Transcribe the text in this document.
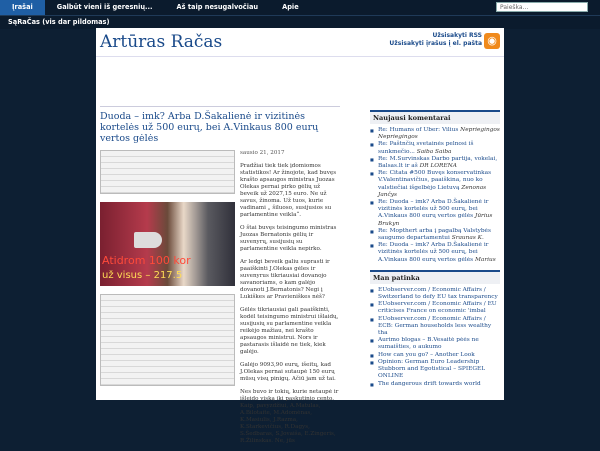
Įrašai	Galbūt vieni iš geresnių...	Aš taip nesugalvočiau	Apie	Paieška...
SąRaČas (vis dar pildomas)
Artūras Račas	Užsisakyti RSS
Užsisakyti įrašus į el. pašta ◉
Duoda – imk? Arba D.Šakalienė ir vizitinės kortelės už 500 eurų, bei A.Vinkaus 800 eurų vertos gėlės
Atidrom 100 kor
už visus – 217.5
sausio 21, 2017

Pradžiai tiek tiek įdomiomos statistikos! Ar žinojote, kad buvęs krašto apsaugos ministras Juozas Olekas pernai pirko gėlių už beveik už 2027,15 euro. Ne už savus, žinoma. Už tuos, kurie vadinami „ šiluoso, susijusios su parlamentine veikla“.

O štai buvęs teisingumo ministras Juozas Bernatonis gėlių ir suvenyrų, susijusių su parlamentine veikla nepirko.

Ar ledgi beveik galiu suprasti ir paaiškinti J.Olekas gėles ir suvenyrus tikriausiai dovanojo savanoriams, o kam galėjo dovanoti J.Bernatonis? Negi į Lukiškes ar Pravieniškes nėš?

Gėlės tikriausiai gali paaiškinti, kodėl teisingumo ministrui išlaidų, susijusių su parlamentine veikla reikėjo mažiau, nei krašto apsaugos ministrui. Nors ir pastarasis išlaidė ne tiek, kiek galėjo.

Galėjo 9093,90 eurų, išeitų, kad J.Olekas pernai sutaupė 150 eurų mūsų visų pinigų. Ačiū jam už tai.

Nes buvo ir tokių, kurie netaupė ir išleido viską iki paskutinio cento. Kaip, pavyzdžiui, A.Matulas, A.Bilotaite, M.Adomėnas, K.Masiulis, J.Razma, K.Starkevičius, R.Dagys, S.Šedbaras, S.Jovaiša, E.Zingeris, R.Žilinskas. Ne, jūs

Naujausi komentarai
■ Re: Humans of Uber: Vilius Nepriegingos Nepriegingos
■ Re: Paštnčių svetainės pelnosi iš sunkmečio... Saiba Saiba
■ Re: M.Survinskas Darbo partija, vokelai, Balsas.lt ir aš DR LORENA
■ Re: Citata #500 Buvęs konservatinkas V.Valentinavičius, paaiškina, nuo ko valstiečiai išgelbėjo Lietuvą Zenonas Jančys
■ Re: Duoda – imk? Arba D.Šakalienė ir vizitinės kortelės už 500 eurų, bei A.Vinkaus 800 eurų vertos gėlės Jūrius Brukyn
■ Re: Mopthert arba į pagalbą Valstybės saugumo departamentui Sraunas K.
■ Re: Duoda – imk? Arba D.Šakalienė ir vizitinės kortelės už 500 eurų, bei A.Vinkaus 800 eurų vertos gėlės Marius
Man patinka
■ EUobserver.com / Economic Affairs / Switzerland to defy EU tax transparency
■ EUobserver.com / Economic Affairs / EU criticises France on economic 'imbal
■ EUobserver.com / Economic Affairs / ECB: German households less wealthy tha
■ Aurimo blogas – B.Vesaitė pėės ne sumaišties, o aukumo
■ How can you go? – Another Look
■ Opinion: German Euro Leadership Stubborn and Egotistical – SPIEGEL ONLINE
■ The dangerous drift towards world
